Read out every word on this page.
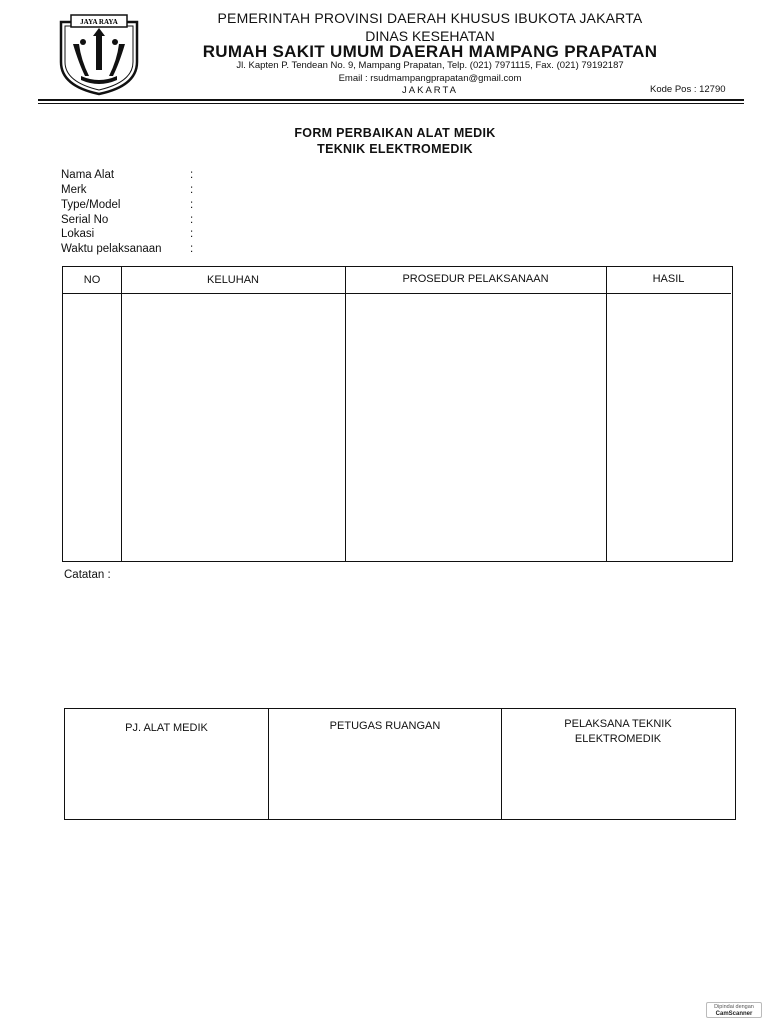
JAYA RAYA	PEMERINTAH PROVINSI DAERAH KHUSUS IBUKOTA JAKARTA
DINAS KESEHATAN
RUMAH SAKIT UMUM DAERAH MAMPANG PRAPATAN
Jl. Kapten P. Tendean No. 9, Mampang Prapatan, Telp. (021) 7971115, Fax. (021) 79192187
Email : rsudmampangprapatan@gmail.com
JAKARTA	Kode Pos : 12790
FORM PERBAIKAN ALAT MEDIK
TEKNIK ELEKTROMEDIK
Nama Alat	:
Merk	:
Type/Model	:
Serial No	:
Lokasi	:
Waktu pelaksanaan :
NO	KELUHAN	PROSEDUR PELAKSANAAN	HASIL
Catatan :
PJ. ALAT MEDIK	PETUGAS RUANGAN	PELAKSANA TEKNIK
ELEKTROMEDIK
Dipindai dengan
CamScanner
